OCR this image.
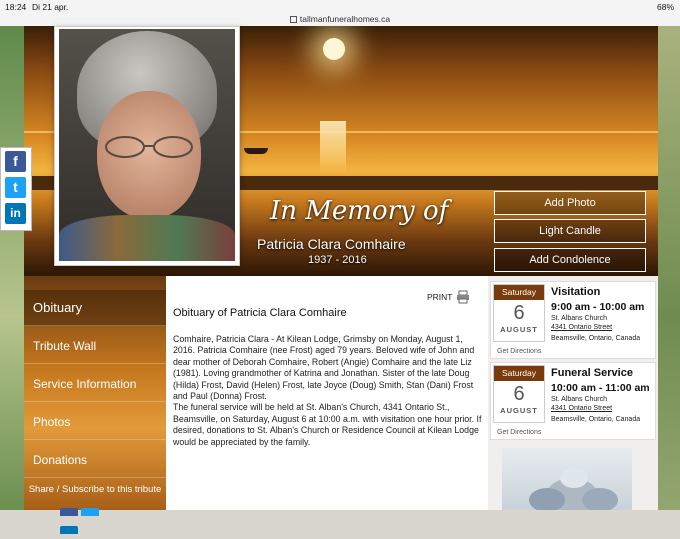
18:24 Di 21 apr.	68%
tallmanfuneralhomes.ca
In Memory of
Patricia Clara Comhaire
1937 - 2016
Add Photo
Light Candle
Add Condolence
f
t
in
Obituary
Tribute Wall
Service Information
Photos
Donations
Share / Subscribe to this tribute
PRINT
Obituary of Patricia Clara Comhaire
Comhaire, Patricia Clara - At Kilean Lodge, Grimsby on Monday, August 1, 2016. Patricia Comhaire (nee Frost) aged 79 years. Beloved wife of John and dear mother of Deborah Comhaire, Robert (Angie) Comhaire and the late Liz (1981). Loving grandmother of Katrina and Jonathan. Sister of the late Doug (Hilda) Frost, David (Helen) Frost, late Joyce (Doug) Smith, Stan (Dani) Frost and Paul (Donna) Frost.
The funeral service will be held at St. Alban's Church, 4341 Ontario St., Beamsville, on Saturday, August 6 at 10:00 a.m. with visitation one hour prior. If desired, donations to St. Alban's Church or Residence Council at Kilean Lodge would be appreciated by the family.
Saturday
6
AUGUST
Visitation
9:00 am - 10:00 am
St. Albans Church
4341 Ontario Street
Beamsville, Ontario, Canada
Get Directions
Saturday
6
AUGUST
Funeral Service
10:00 am - 11:00 am
St. Albans Church
4341 Ontario Street
Beamsville, Ontario, Canada
Get Directions
